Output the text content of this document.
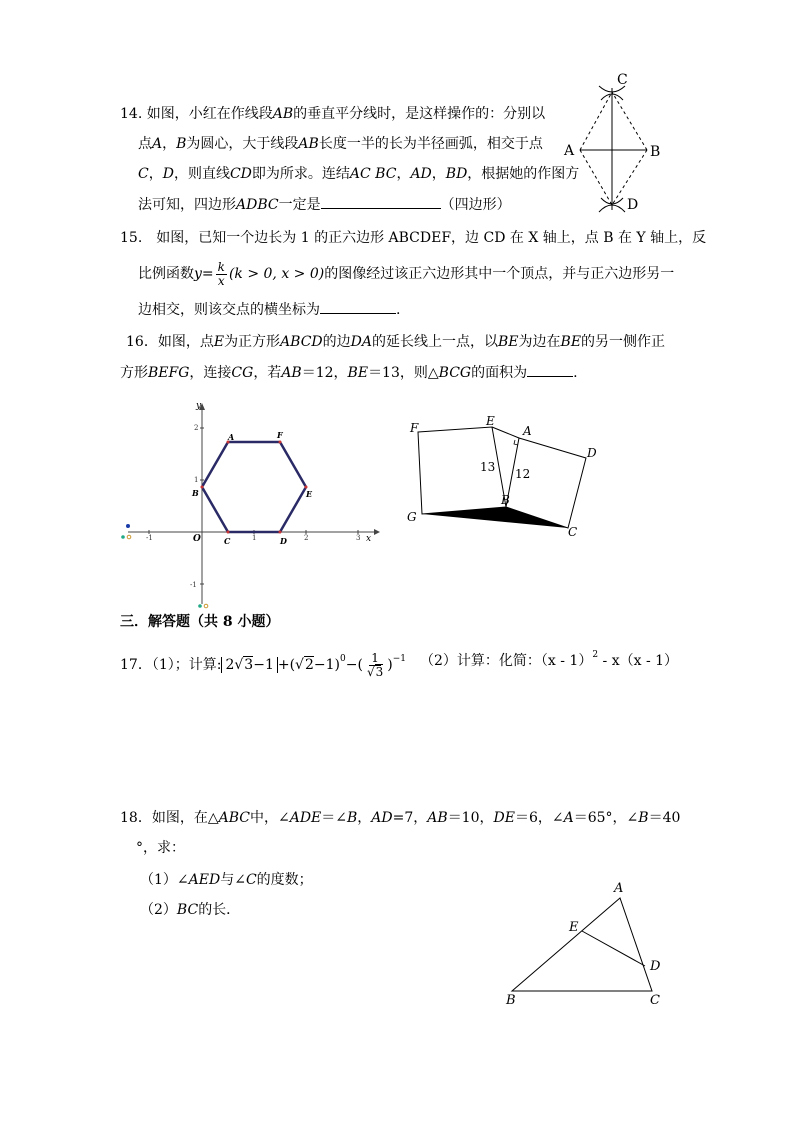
14. 如图，小红在作线段AB的垂直平分线时，是这样操作的：分别以
点A，B为圆心，大于线段AB长度一半的长为半径画弧，相交于点
C，D，则直线CD即为所求。连结AC BC，AD，BD，根据她的作图方
法可知，四边形ADBC一定是	（四边形）
C
A	B
D
15.　如图，已知一个边长为 1 的正六边形 ABCDEF，边 CD 在 X 轴上，点 B 在 Y 轴上，反
比例函数$y= \frac{k}{x} (k > 0$, x > 0)的图像经过该正六边形其中一个顶点，并与正六边形另一
边相交，则该交点的横坐标为	.
16．如图，点E为正方形ABCD的边DA的延长线上一点，以BE为边在BE的另一侧作正
方形BEFG，连接CG，若AB＝12，BE＝13，则△BCG的面积为	.
-1	1	2	3
2
1
-1
y
x
O
A	F
E
D
C
B
F	E
A
D
B
G
C
13 12
三．解答题（共 8 小题）
17．（1）；计算: $2√3-1 +(√2-1)^0-( \frac{1}{√3} )^{-1}$ （2）计算：化简：（x - 1）$^2$ - x（x - 1）
18．如图，在△ABC中，∠ADE＝∠B，AD=7，AB＝10，DE＝6，∠A＝65°，∠B＝40
°，求：
（1）∠AED与∠C的度数；
（2）BC的长．
A
E
D
B	C
